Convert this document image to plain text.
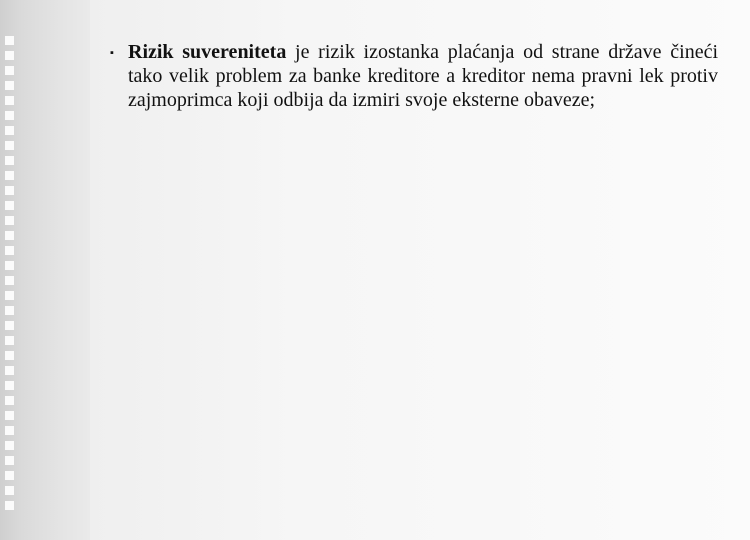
▪ Rizik suvereniteta je rizik izostanka plaćanja od strane države čineći tako velik problem za banke kreditore a kreditor nema pravni lek protiv zajmoprimca koji odbija da izmiri svoje eksterne obaveze;
